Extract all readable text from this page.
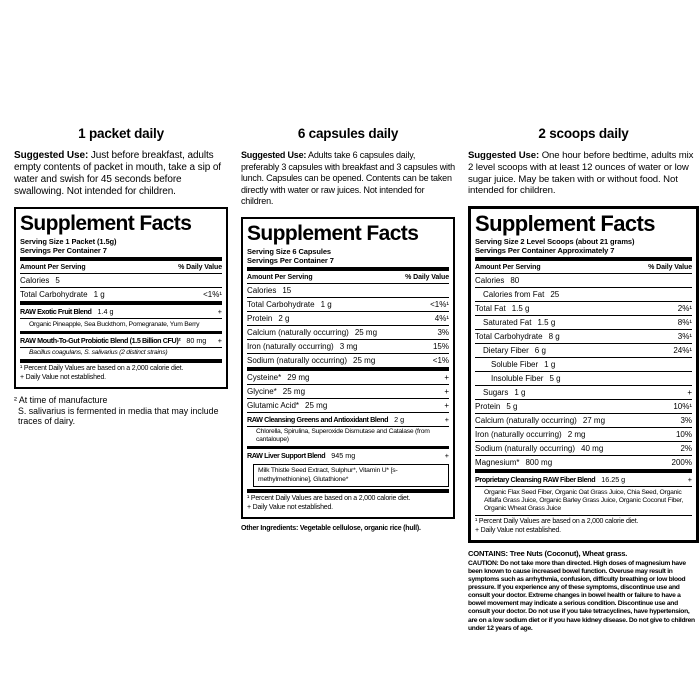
1 packet daily

Suggested Use: Just before breakfast, adults empty contents of packet in mouth, take a sip of water and swish for 45 seconds before swallowing. Not intended for children.

Supplement Facts
Serving Size 1 Packet (1.5g)
Servings Per Container 7
Amount Per Serving	% Daily Value
Calories 5
Total Carbohydrate 1 g	<1%¹
RAW Exotic Fruit Blend 1.4 g	+
Organic Pineapple, Sea Buckthorn, Pomegranate, Yum Berry
RAW Mouth-To-Gut Probiotic Blend (1.5 Billion CFU)² 80 mg +
Bacillus coagulans, S. salivarius (2 distinct strains)
¹ Percent Daily Values are based on a 2,000 calorie diet.
+ Daily Value not established.

² At time of manufacture

S. salivarius is fermented in media that may include traces of dairy.

6 capsules daily

Suggested Use: Adults take 6 capsules daily, preferably 3 capsules with breakfast and 3 capsules with lunch. Capsules can be opened. Contents can be taken directly with water or raw juices. Not intended for children.

Supplement Facts
Serving Size 6 Capsules
Servings Per Container 7
Amount Per Serving	% Daily Value
Calories 15
Total Carbohydrate 1 g	<1%¹
Protein 2 g	4%¹
Calcium (naturally occurring) 25 mg	3%
Iron (naturally occurring) 3 mg	15%
Sodium (naturally occurring) 25 mg	<1%
Cysteine* 29 mg	+
Glycine* 25 mg	+
Glutamic Acid* 25 mg	+
RAW Cleansing Greens and Antioxidant Blend 2 g	+
Chlorella, Spirulina, Superoxide Dismutase and Catalase (from cantaloupe)
RAW Liver Support Blend 945 mg	+
Milk Thistle Seed Extract, Sulphur*, Vitamin U* [s-methylmethionine], Glutathione*
¹ Percent Daily Values are based on a 2,000 calorie diet.
+ Daily Value not established.

Other Ingredients: Vegetable cellulose, organic rice (hull).

2 scoops daily

Suggested Use: One hour before bedtime, adults mix 2 level scoops with at least 12 ounces of water or low sugar juice. May be taken with or without food. Not intended for children.

Supplement Facts
Serving Size 2 Level Scoops (about 21 grams)
Servings Per Container Approximately 7
Amount Per Serving	% Daily Value
Calories 80
Calories from Fat 25
Total Fat 1.5 g	2%¹
Saturated Fat 1.5 g	8%¹
Total Carbohydrate 8 g	3%¹
Dietary Fiber 6 g	24%¹
Soluble Fiber 1 g
Insoluble Fiber 5 g
Sugars 1 g	+
Protein 5 g	10%¹
Calcium (naturally occurring) 27 mg	3%
Iron (naturally occurring) 2 mg	10%
Sodium (naturally occurring) 40 mg	2%
Magnesium* 800 mg	200%
Proprietary Cleansing RAW Fiber Blend 16.25 g	+
Organic Flax Seed Fiber, Organic Oat Grass Juice, Chia Seed, Organic Alfalfa Grass Juice, Organic Barley Grass Juice, Organic Coconut Fiber, Organic Wheat Grass Juice
¹ Percent Daily Values are based on a 2,000 calorie diet.
+ Daily Value not established.

CONTAINS: Tree Nuts (Coconut), Wheat grass.

CAUTION: Do not take more than directed. High doses of magnesium have been known to cause increased bowel function. Overuse may result in symptoms such as arrhythmia, confusion, difficulty breathing or low blood pressure. If you experience any of these symptoms, discontinue use and consult your doctor. Extreme changes in bowel health or failure to have a bowel movement may indicate a serious condition. Discontinue use and consult your doctor. Do not use if you take tetracyclines, have hypertension, are on a low sodium diet or if you have kidney disease. Do not give to children under 12 years of age.
